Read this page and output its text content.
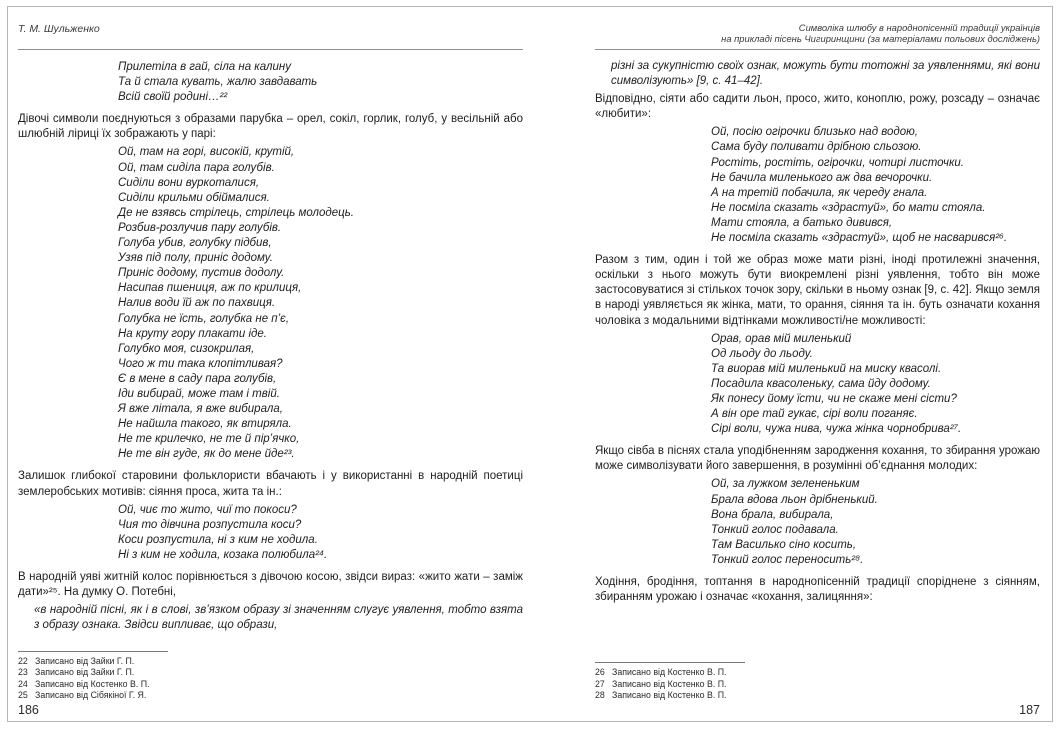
Т. М. Шульженко
Прилетіла в гай, сіла на калину
Та й стала кувать, жалю завдавать
Всій своїй родині…²²

Дівочі символи поєднуються з образами парубка – орел, сокіл, горлик, голуб, у весільній або шлюбній ліриці їх зображають у парі:

Ой, там на горі, високій, крутій,
Ой, там сиділа пара голубів.
Сиділи вони вуркоталися,
Сиділи крильми обіймалися.
Де не взявсь стрілець, стрілець молодець.
Розбив-розлучив пару голубів.
Голуба убив, голубку підбив,
Узяв під полу, приніс додому.
Приніс додому, пустив додолу.
Насипав пшениця, аж по крилиця,
Налив води їй аж по пахвиця.
Голубка не їсть, голубка не п’є,
На круту гору плакати іде.
Голубко моя, сизокрилая,
Чого ж ти така клопітливая?
Є в мене в саду пара голубів,
Іди вибирай, може там і твій.
Я вже літала, я вже вибирала,
Не найшла такого, як втиряла.
Не те крилечко, не те й пір’ячко,
Не те він гуде, як до мене йде²³.

Залишок глибокої старовини фольклористи вбачають і у використанні в народній поетиці землеробських мотивів: сіяння проса, жита та ін.:

Ой, чиє то жито, чиї то покоси?
Чия то дівчина розпустила коси?
Коси розпустила, ні з ким не ходила.
Ні з ким не ходила, козака полюбила²⁴.

В народній уяві житній колос порівнюється з дівочою косою, звідси вираз: «жито жати – заміж дати»²⁵. На думку О. Потебні,

«в народній пісні, як і в слові, зв’язком образу зі значенням слугує уявлення, тобто взята з образу ознака. Звідси випливає, що образи,

22 Записано від Зайки Г. П.
23 Записано від Зайки Г. П.
24 Записано від Костенко В. П.
25 Записано від Сібякіної Г. Я.
186
Символіка шлюбу в народнопісенній традиції українців
на прикладі пісень Чигиринщини (за матеріалами польових досліджень)

різні за сукупністю своїх ознак, можуть бути тотожні за уявленнями, які вони символізують» [9, с. 41–42].

Відповідно, сіяти або садити льон, просо, жито, коноплю, рожу, розсаду – означає «любити»:

Ой, посію огірочки близько над водою,
Сама буду поливати дрібною сльозою.
Ростіть, ростіть, огірочки, чотирі листочки.
Не бачила миленького аж два вечорочки.
А на третій побачила, як череду гнала.
Не посміла сказать «здрастуй», бо мати стояла.
Мати стояла, а батько дивився,
Не посміла сказать «здрастуй», щоб не насварився²⁶.

Разом з тим, один і той же образ може мати різні, іноді протилежні значення, оскільки з нього можуть бути виокремлені різні уявлення, тобто він може застосовуватися зі стількох точок зору, скільки в ньому ознак [9, с. 42]. Якщо земля в народі уявляється як жінка, мати, то орання, сіяння та ін. буть означати кохання чоловіка з модальними відтінками можливості/не можливості:

Орав, орав мій миленький
Од льоду до льоду.
Та виорав мій миленький на миску квасолі.
Посадила квасоленьку, сама йду додому.
Як понесу йому їсти, чи не скаже мені сісти?
А він оре тай гукає, сірі воли поганяє.
Сірі воли, чужа нива, чужа жінка чорнобрива²⁷.

Якщо сівба в піснях стала уподібненням зародження кохання, то збирання урожаю може символізувати його завершення, в розумінні об’єднання молодих:

Ой, за лужком зелененьким
Брала вдова льон дрібненький.
Вона брала, вибирала,
Тонкий голос подавала.
Там Василько сіно косить,
Тонкий голос переносить²⁸.

Ходіння, бродіння, топтання в народнопісенній традиції споріднене з сіянням, збиранням урожаю і означає «кохання, залицяння»:

26 Записано від Костенко В. П.
27 Записано від Костенко В. П.
28 Записано від Костенко В. П.
187
